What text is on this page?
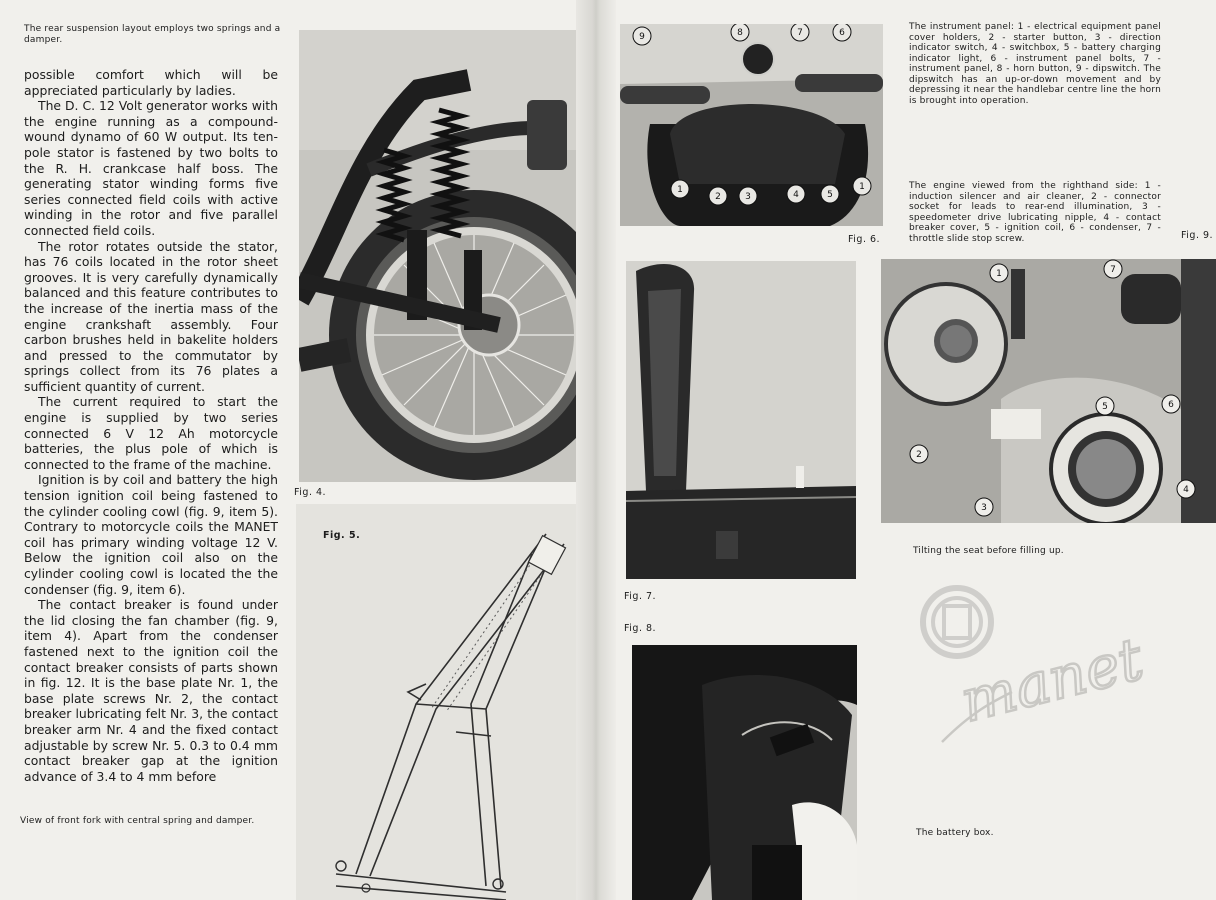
The rear suspension layout employs two springs and a damper.

possible comfort which will be appreciated particularly by ladies.

The D. C. 12 Volt generator works with the engine running as a compound-wound dynamo of 60 W output. Its ten-pole stator is fastened by two bolts to the R. H. crankcase half boss. The generating stator winding forms five series connected field coils with active winding in the rotor and five parallel connected field coils.

The rotor rotates outside the stator, has 76 coils located in the rotor sheet grooves. It is very carefully dynamically balanced and this feature contributes to the increase of the inertia mass of the engine crankshaft assembly. Four carbon brushes held in bakelite holders and pressed to the commutator by springs collect from its 76 plates a sufficient quantity of current.

The current required to start the engine is supplied by two series connected 6 V 12 Ah motorcycle batteries, the plus pole of which is connected to the frame of the machine.

Ignition is by coil and battery the high tension ignition coil being fastened to the cylinder cooling cowl (fig. 9, item 5). Contrary to motorcycle coils the MANET coil has primary winding voltage 12 V. Below the ignition coil also on the cylinder cooling cowl is located the the condenser (fig. 9, item 6).

The contact breaker is found under the lid closing the fan chamber (fig. 9, item 4). Apart from the condenser fastened next to the ignition coil the contact breaker consists of parts shown in fig. 12. It is the base plate Nr. 1, the base plate screws Nr. 2, the contact breaker lubricating felt Nr. 3, the contact breaker arm Nr. 4 and the fixed contact adjustable by screw Nr. 5. 0.3 to 0.4 mm contact breaker gap at the ignition advance of 3.4 to 4 mm before

View of front fork with central spring and damper.
Fig. 4.
Fig. 5.
9	8	7	6
1
2	3	4	5
1
Fig. 6.
The instrument panel: 1 - electrical equipment panel cover holders, 2 - starter button, 3 - direction indicator switch, 4 - switchbox, 5 - battery charging indicator light, 6 - instrument panel bolts, 7 - instrument panel, 8 - horn button, 9 - dipswitch. The dipswitch has an up-or-down movement and by depressing it near the handlebar centre line the horn is brought into operation.
The engine viewed from the righthand side: 1 - induction silencer and air cleaner, 2 - connector socket for leads to rear-end illumination, 3 - speedometer drive lubricating nipple, 4 - contact breaker cover, 5 - ignition coil, 6 - condenser, 7 - throttle slide stop screw.	Fig. 9.
Fig. 7.
Fig. 8.
1	7
5	6
2
3
4
Tilting the seat before filling up.
The battery box.
manet
